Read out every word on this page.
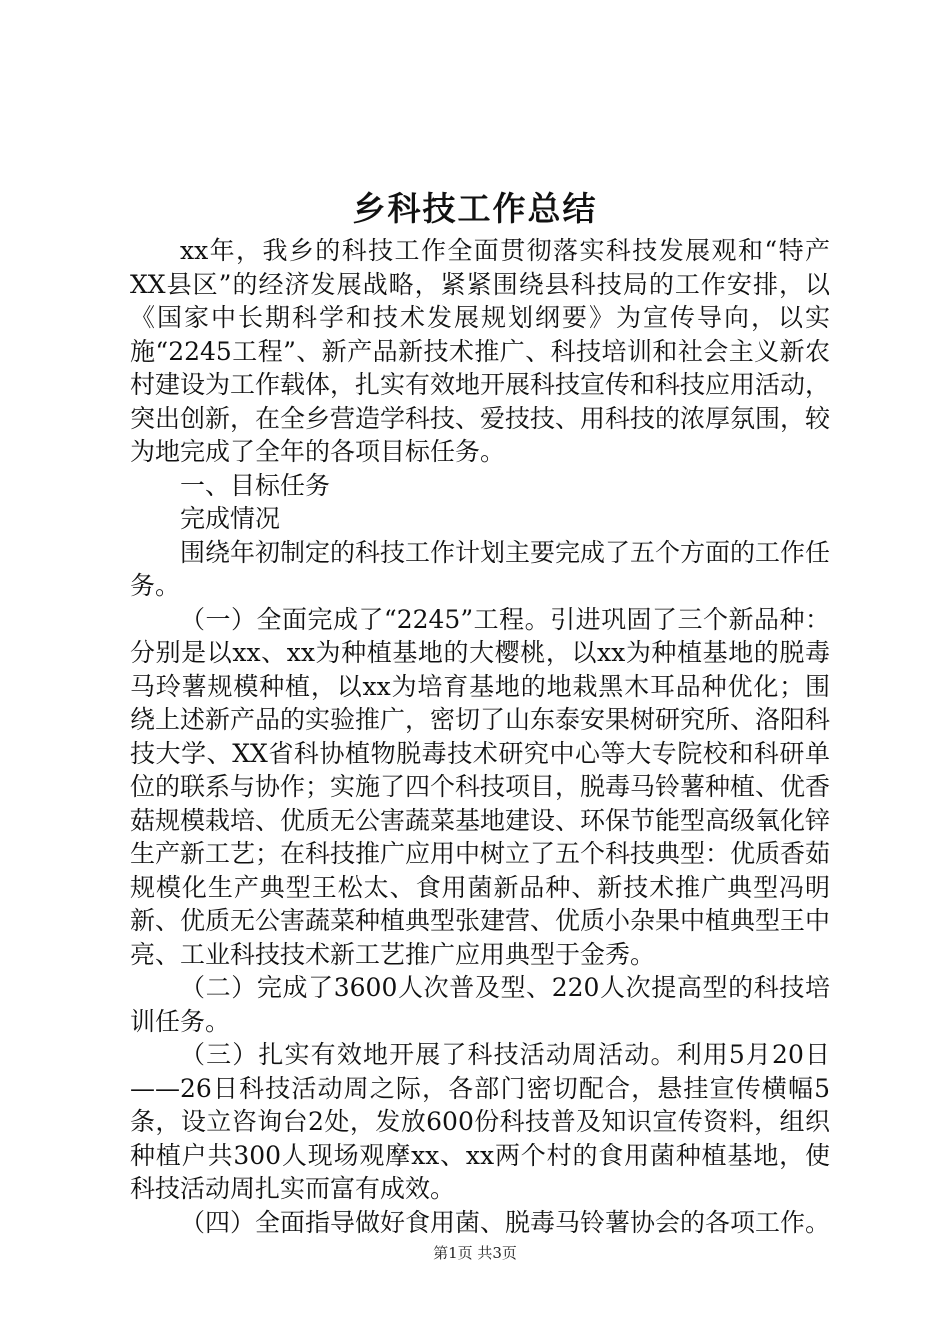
乡科技工作总结

xx年，我乡的科技工作全面贯彻落实科技发展观和“特产XX县区”的经济发展战略，紧紧围绕县科技局的工作安排，以《国家中长期科学和技术发展规划纲要》为宣传导向，以实施“2245工程”、新产品新技术推广、科技培训和社会主义新农村建设为工作载体，扎实有效地开展科技宣传和科技应用活动，突出创新，在全乡营造学科技、爱技技、用科技的浓厚氛围，较为地完成了全年的各项目标任务。

一、目标任务

完成情况

围绕年初制定的科技工作计划主要完成了五个方面的工作任务。

（一）全面完成了“2245”工程。引进巩固了三个新品种：分别是以xx、xx为种植基地的大樱桃，以xx为种植基地的脱毒马玲薯规模种植，以xx为培育基地的地栽黑木耳品种优化；围绕上述新产品的实验推广，密切了山东泰安果树研究所、洛阳科技大学、XX省科协植物脱毒技术研究中心等大专院校和科研单位的联系与协作；实施了四个科技项目，脱毒马铃薯种植、优香菇规模栽培、优质无公害蔬菜基地建设、环保节能型高级氧化锌生产新工艺；在科技推广应用中树立了五个科技典型：优质香茹规模化生产典型王松太、食用菌新品种、新技术推广典型冯明新、优质无公害蔬菜种植典型张建营、优质小杂果中植典型王中亮、工业科技技术新工艺推广应用典型于金秀。

（二）完成了3600人次普及型、220人次提高型的科技培训任务。

（三）扎实有效地开展了科技活动周活动。利用5月20日——26日科技活动周之际，各部门密切配合，悬挂宣传横幅5条，设立咨询台2处，发放600份科技普及知识宣传资料，组织种植户共300人现场观摩xx、xx两个村的食用菌种植基地，使科技活动周扎实而富有成效。

（四）全面指导做好食用菌、脱毒马铃薯协会的各项工作。

第1页 共3页
